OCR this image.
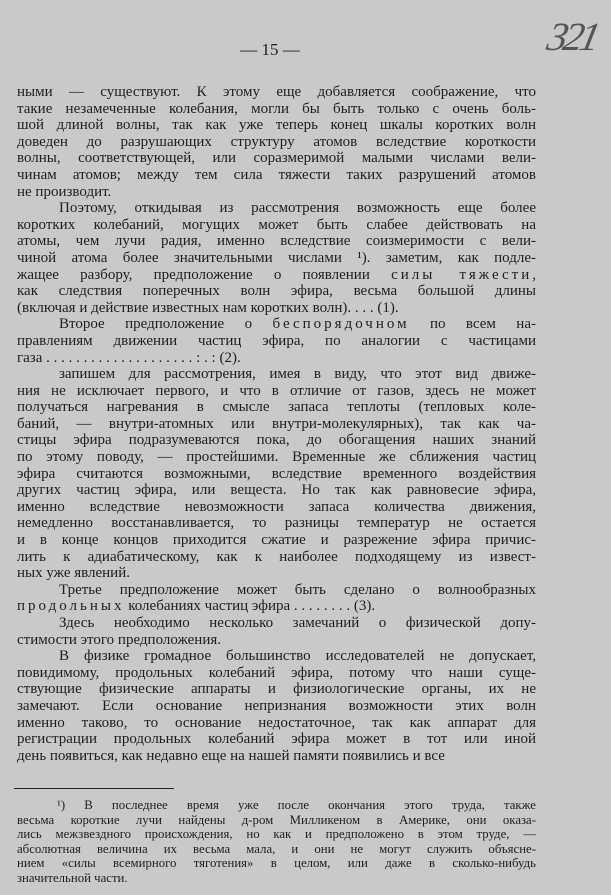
— 15 —	321
ными — существуют. К этому еще добавляется соображение, что
такие незамеченные колебания, могли бы быть только с очень боль-
шой длиной волны, так как уже теперь конец шкалы коротких волн
доведен до разрушающих структуру атомов вследствие короткости
волны, соответствующей, или соразмеримой малыми числами вели-
чинам атомов; между тем сила тяжести таких разрушений атомов
не производит.
Поэтому, откидывая из рассмотрения возможность еще более
коротких колебаний, могущих может быть слабее действовать на
атомы, чем лучи радия, именно вследствие соизмеримости с вели-
чиной атома более значительными числами ¹). заметим, как подле-
жащее разбору, предположение о появлении силы тяжести,
как следствия поперечных волн эфира, весьма большой длины
(включая и действие известных нам коротких волн). . . . (1).
Второе предположение о беспорядочном по всем на-
правлениям движении частиц эфира, по аналогии с частицами
газа . . . . . . . . . . . . . . . . . . . . : . : (2).
запишем для рассмотрения, имея в виду, что этот вид движе-
ния не исключает первого, и что в отличие от газов, здесь не может
получаться нагревания в смысле запаса теплоты (тепловых коле-
баний, — внутри-атомных или внутри-молекулярных), так как ча-
стицы эфира подразумеваются пока, до обогащения наших знаний
по этому поводу, — простейшими. Временные же сближения частиц
эфира считаются возможными, вследствие временного воздействия
других частиц эфира, или вещеста. Но так как равновесие эфира,
именно вследствие невозможности запаса количества движения,
немедленно восстанавливается, то разницы температур не остается
и в конце концов приходится сжатие и разрежение эфира причис-
лить к адиабатическому, как к наиболее подходящему из извест-
ных уже явлений.
Третье предположение может быть сделано о волнообразных
продольных колебаниях частиц эфира . . . . . . . . (3).
Здесь необходимо несколько замечаний о физической допу-
стимости этого предположения.
В физике громадное большинство исследователей не допускает,
повидимому, продольных колебаний эфира, потому что наши суще-
ствующие физические аппараты и физиологические органы, их не
замечают. Если основание непризнания возможности этих волн
именно таково, то основание недостаточное, так как аппарат для
регистрации продольных колебаний эфира может в тот или иной
день появиться, как недавно еще на нашей памяти появились и все
¹) В последнее время уже после окончания этого труда, также
весьма короткие лучи найдены д-ром Милликеном в Америке, они оказа-
лись межзвездного происхождения, но как и предположено в этом труде, —
абсолютная величина их весьма мала, и они не могут служить объясне-
нием «силы всемирного тяготения» в целом, или даже в сколько-нибудь
значительной части.
